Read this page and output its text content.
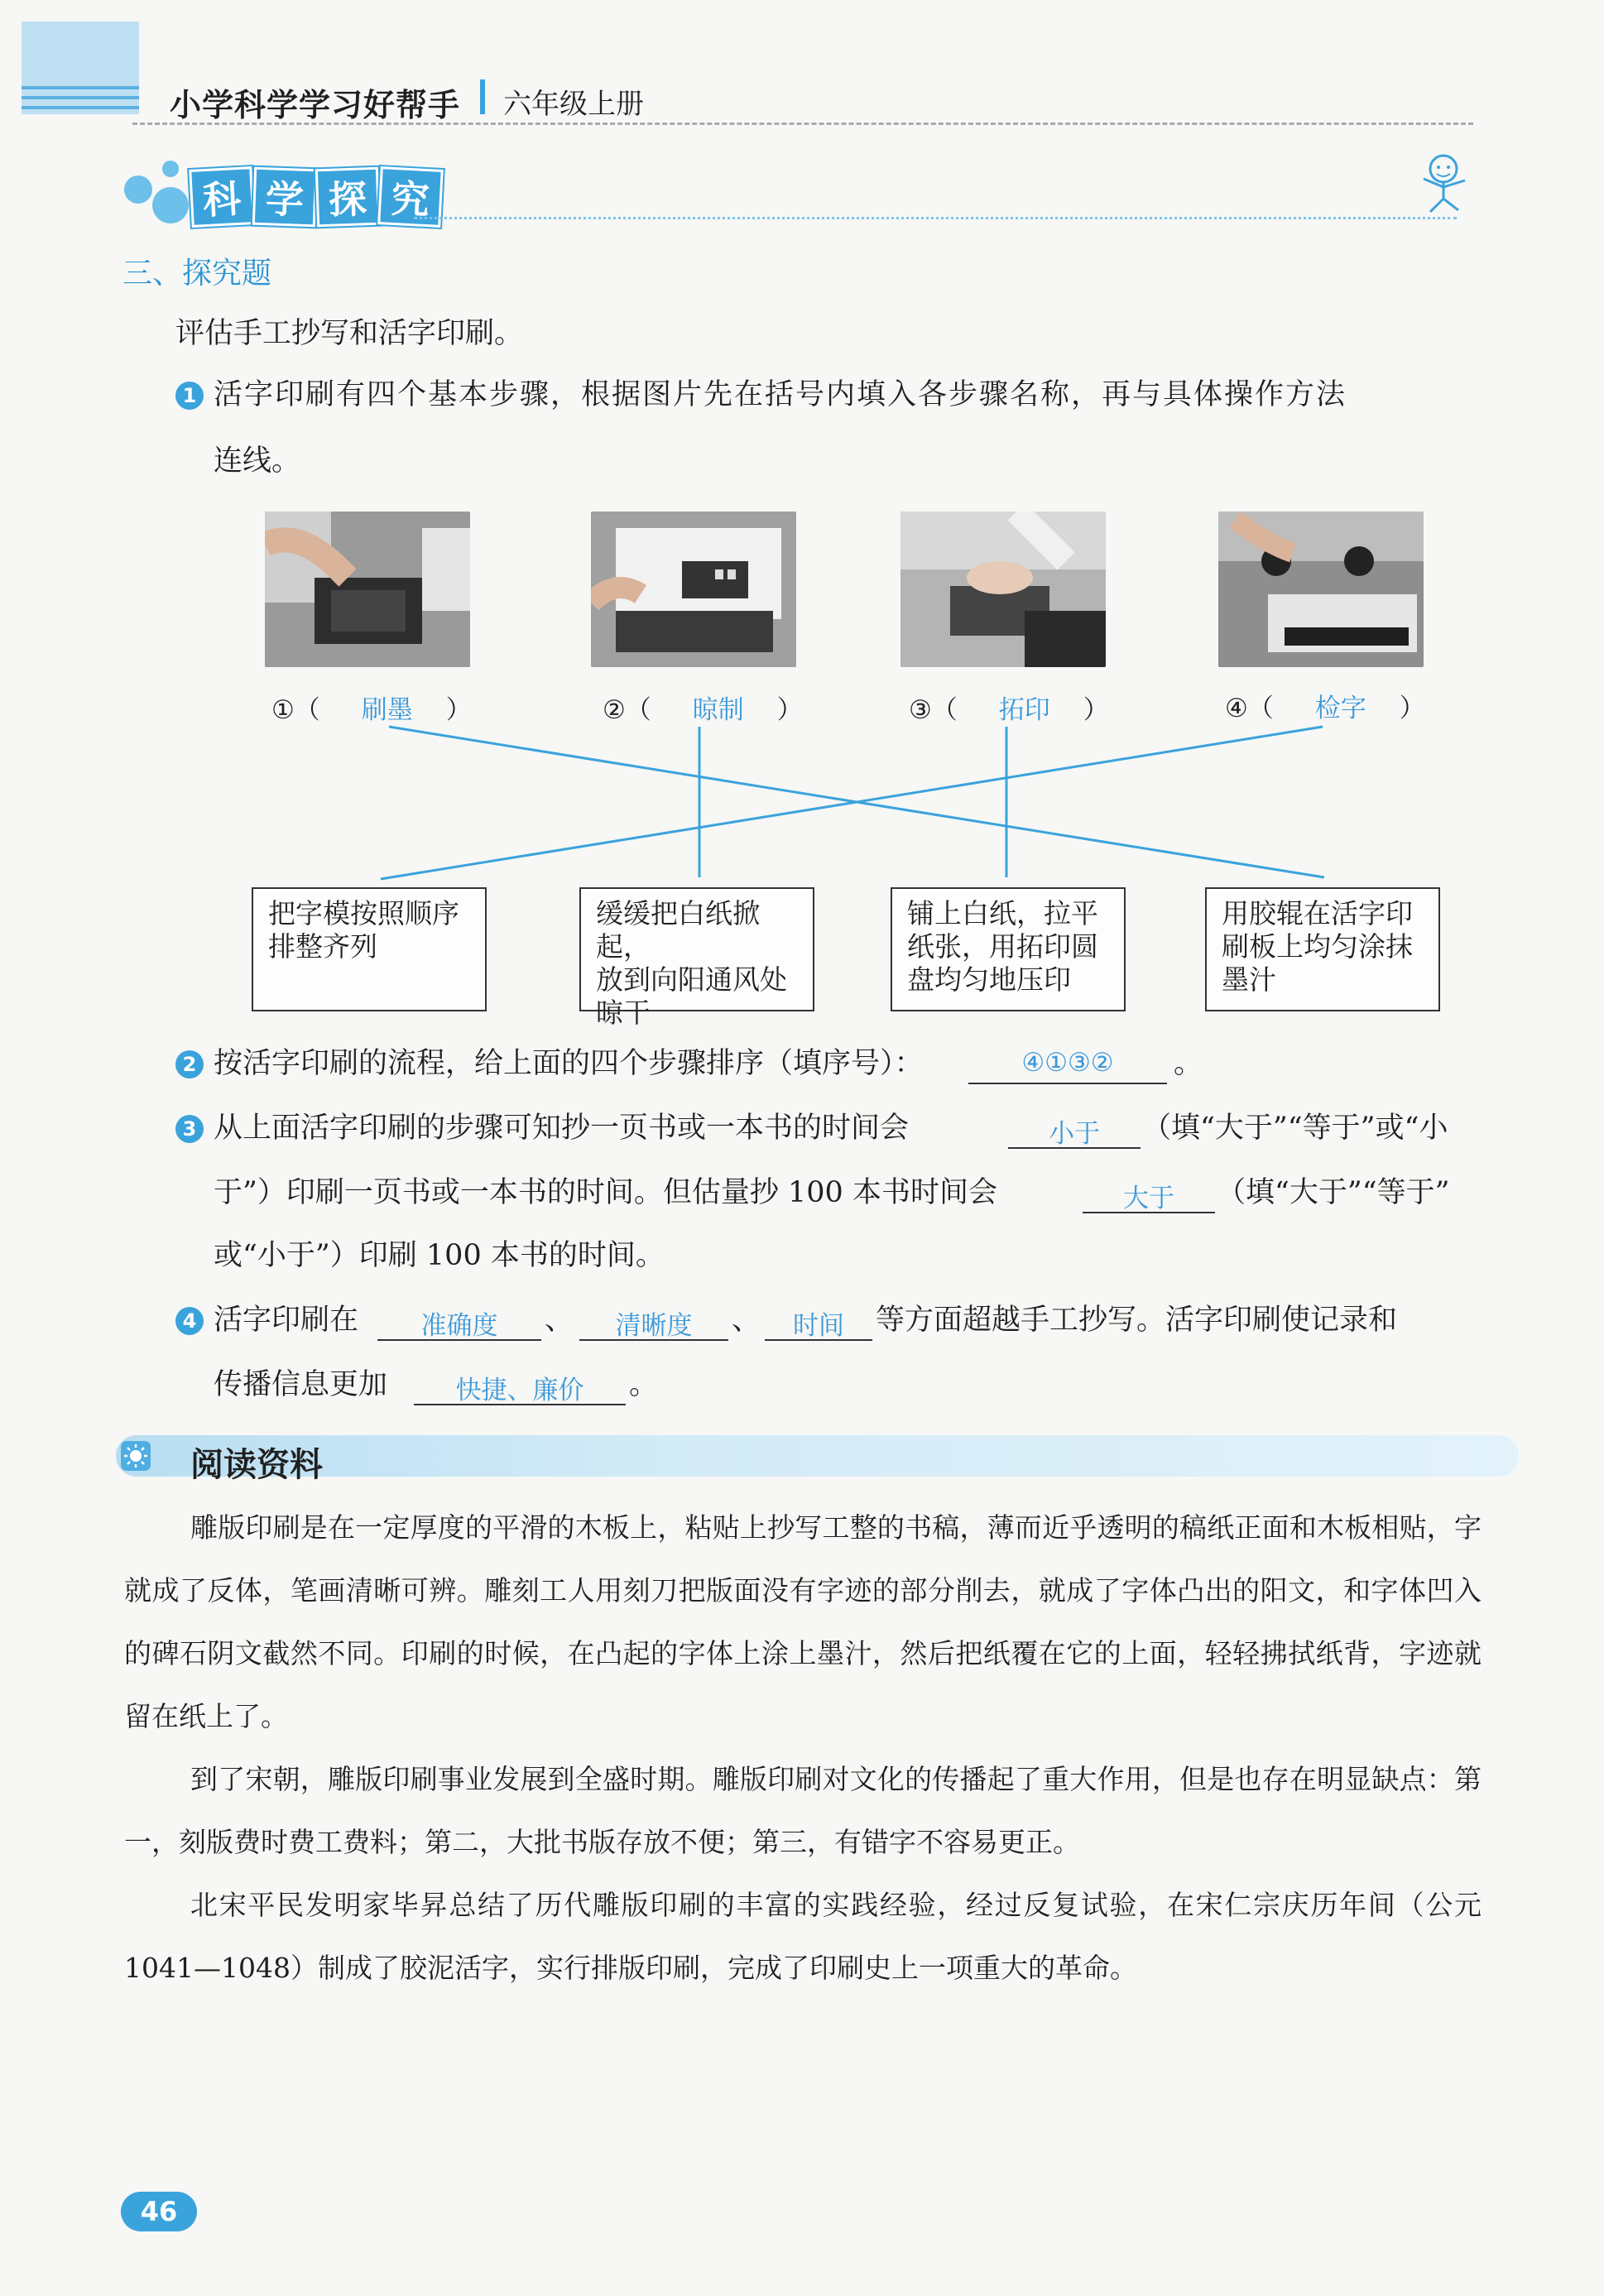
小学科学学习好帮手 六年级上册
科 学 探 究
三、探究题
评估手工抄写和活字印刷。
1 活字印刷有四个基本步骤，根据图片先在括号内填入各步骤名称，再与具体操作方法
连线。
①（ 刷墨 ）	②（ 晾制 ）	③（ 拓印 ）	④（ 检字 ）
把字模按照顺序
排整齐列
缓缓把白纸掀起，
放到向阳通风处
晾干
铺上白纸，拉平
纸张，用拓印圆
盘均匀地压印
用胶辊在活字印
刷板上均匀涂抹
墨汁
2 按活字印刷的流程，给上面的四个步骤排序（填序号）：	④①③②	。
3 从上面活字印刷的步骤可知抄一页书或一本书的时间会	小于	（填“大于”“等于”或“小
于”）印刷一页书或一本书的时间。但估量抄 100 本书时间会	大于	（填“大于”“等于”
或“小于”）印刷 100 本书的时间。
4 活字印刷在	准确度	、	清晰度	、	时间	等方面超越手工抄写。活字印刷使记录和
传播信息更加	快捷、廉价	。
阅读资料
雕版印刷是在一定厚度的平滑的木板上，粘贴上抄写工整的书稿，薄而近乎透明的稿纸正面和木板相贴，字就成了反体，笔画清晰可辨。雕刻工人用刻刀把版面没有字迹的部分削去，就成了字体凸出的阳文，和字体凹入的碑石阴文截然不同。印刷的时候，在凸起的字体上涂上墨汁，然后把纸覆在它的上面，轻轻拂拭纸背，字迹就留在纸上了。
到了宋朝，雕版印刷事业发展到全盛时期。雕版印刷对文化的传播起了重大作用，但是也存在明显缺点：第一，刻版费时费工费料；第二，大批书版存放不便；第三，有错字不容易更正。
北宋平民发明家毕昇总结了历代雕版印刷的丰富的实践经验，经过反复试验，在宋仁宗庆历年间（公元 1041—1048）制成了胶泥活字，实行排版印刷，完成了印刷史上一项重大的革命。
46
